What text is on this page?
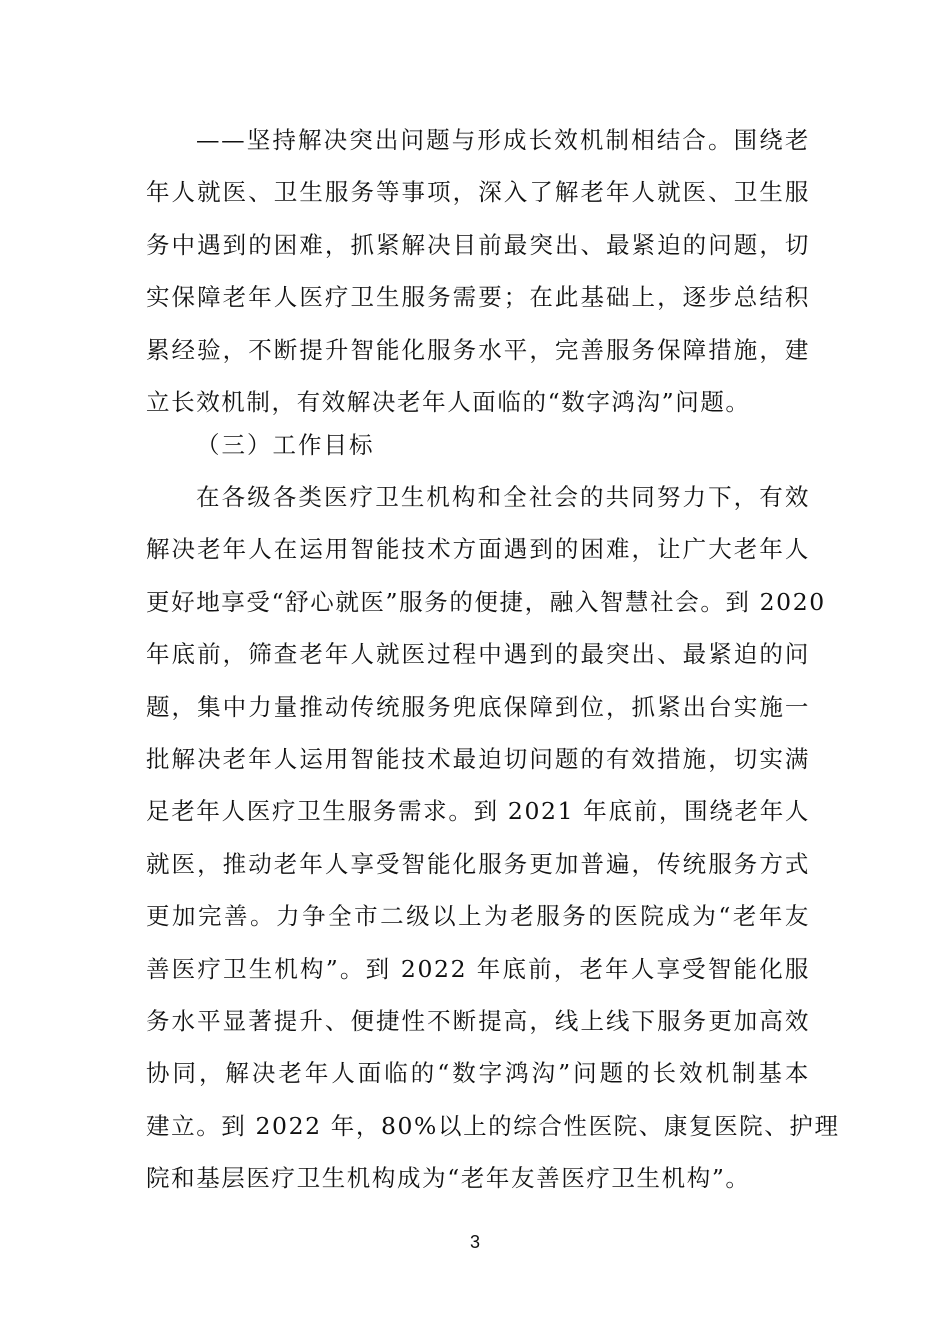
——坚持解决突出问题与形成长效机制相结合。围绕老
年人就医、卫生服务等事项，深入了解老年人就医、卫生服
务中遇到的困难，抓紧解决目前最突出、最紧迫的问题，切
实保障老年人医疗卫生服务需要；在此基础上，逐步总结积
累经验，不断提升智能化服务水平，完善服务保障措施，建
立长效机制，有效解决老年人面临的“数字鸿沟”问题。
（三）工作目标
在各级各类医疗卫生机构和全社会的共同努力下，有效
解决老年人在运用智能技术方面遇到的困难，让广大老年人
更好地享受“舒心就医”服务的便捷，融入智慧社会。到 2020
年底前，筛查老年人就医过程中遇到的最突出、最紧迫的问
题，集中力量推动传统服务兜底保障到位，抓紧出台实施一
批解决老年人运用智能技术最迫切问题的有效措施，切实满
足老年人医疗卫生服务需求。到 2021 年底前，围绕老年人
就医，推动老年人享受智能化服务更加普遍，传统服务方式
更加完善。力争全市二级以上为老服务的医院成为“老年友
善医疗卫生机构”。到 2022 年底前，老年人享受智能化服
务水平显著提升、便捷性不断提高，线上线下服务更加高效
协同，解决老年人面临的“数字鸿沟”问题的长效机制基本
建立。到 2022 年，80%以上的综合性医院、康复医院、护理
院和基层医疗卫生机构成为“老年友善医疗卫生机构”。
3
